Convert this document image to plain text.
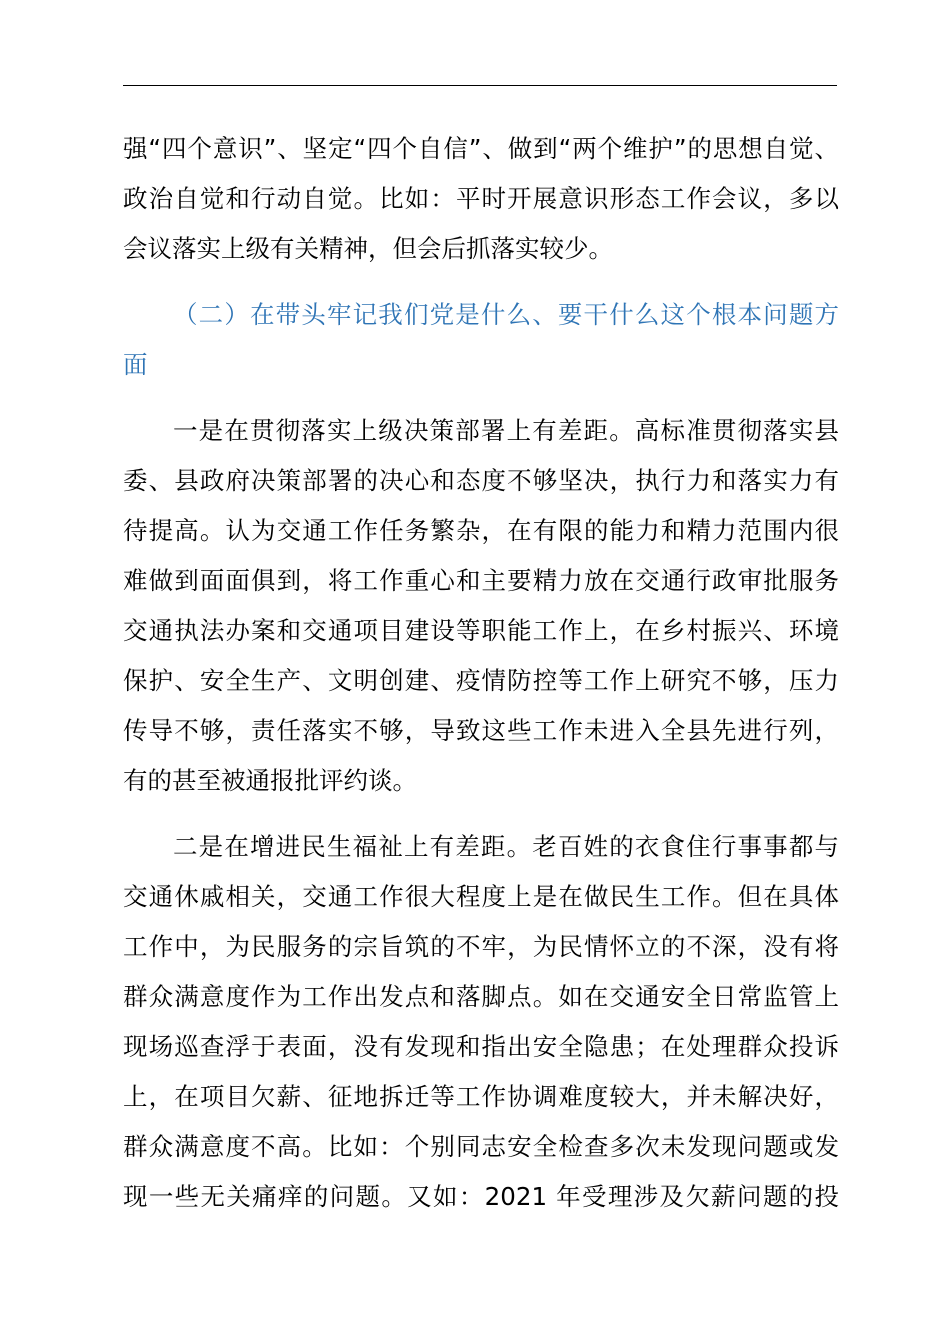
强“四个意识”、坚定“四个自信”、做到“两个维护”的思想自觉、
政治自觉和行动自觉。比如：平时开展意识形态工作会议，多以
会议落实上级有关精神，但会后抓落实较少。
（二）在带头牢记我们党是什么、要干什么这个根本问题方
面
一是在贯彻落实上级决策部署上有差距。高标准贯彻落实县
委、县政府决策部署的决心和态度不够坚决，执行力和落实力有
待提高。认为交通工作任务繁杂，在有限的能力和精力范围内很
难做到面面俱到，将工作重心和主要精力放在交通行政审批服务
交通执法办案和交通项目建设等职能工作上，在乡村振兴、环境
保护、安全生产、文明创建、疫情防控等工作上研究不够，压力
传导不够，责任落实不够，导致这些工作未进入全县先进行列，
有的甚至被通报批评约谈。
二是在增进民生福祉上有差距。老百姓的衣食住行事事都与
交通休戚相关，交通工作很大程度上是在做民生工作。但在具体
工作中，为民服务的宗旨筑的不牢，为民情怀立的不深，没有将
群众满意度作为工作出发点和落脚点。如在交通安全日常监管上
现场巡查浮于表面，没有发现和指出安全隐患；在处理群众投诉
上，在项目欠薪、征地拆迁等工作协调难度较大，并未解决好，
群众满意度不高。比如：个别同志安全检查多次未发现问题或发
现一些无关痛痒的问题。又如：2021 年受理涉及欠薪问题的投
